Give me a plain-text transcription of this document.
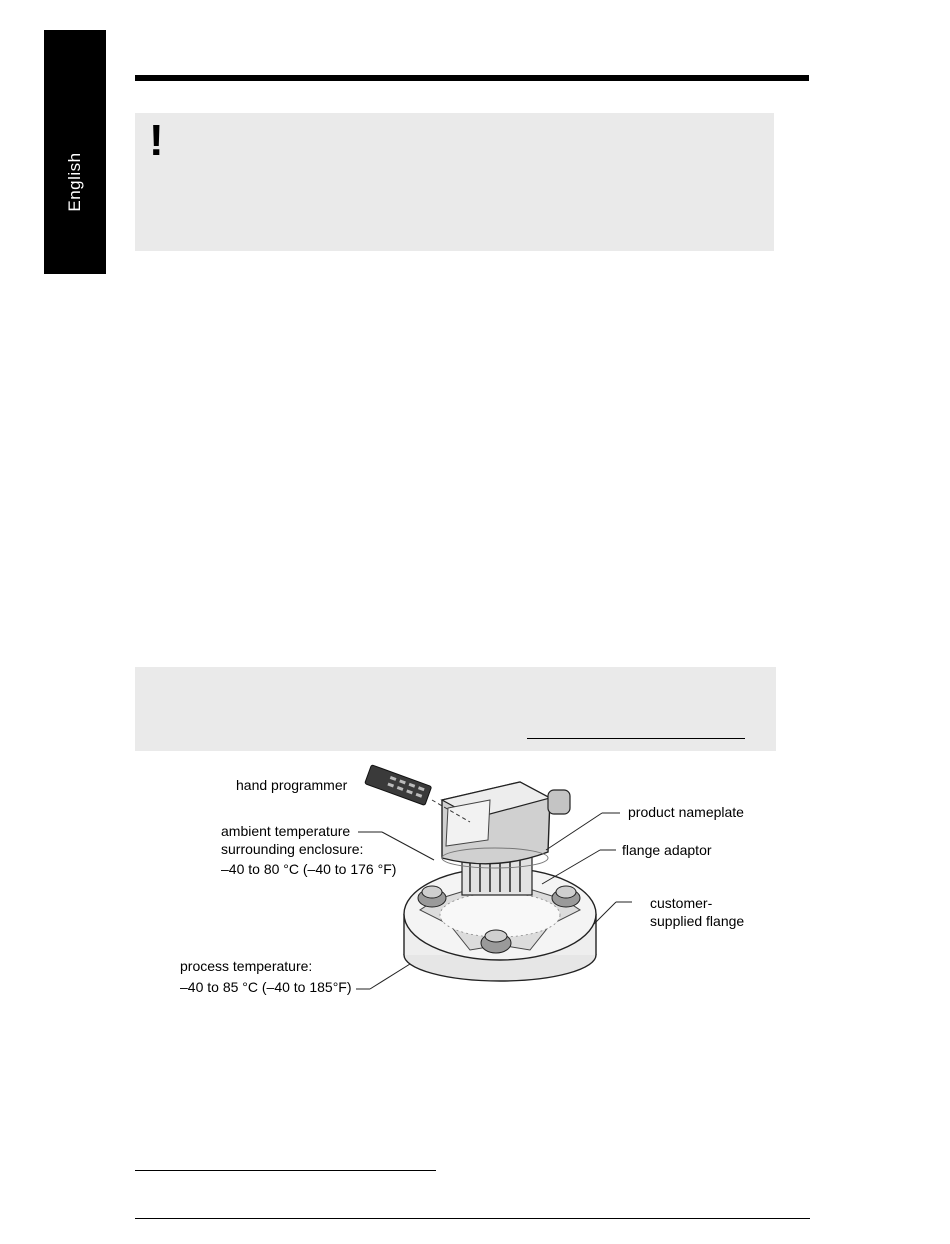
English
!
hand programmer
product nameplate
ambient temperature
surrounding enclosure:
–40 to 80 °C (–40 to 176 °F)
flange adaptor
customer-
supplied flange
process temperature:
–40 to 85 °C (–40 to 185°F)
